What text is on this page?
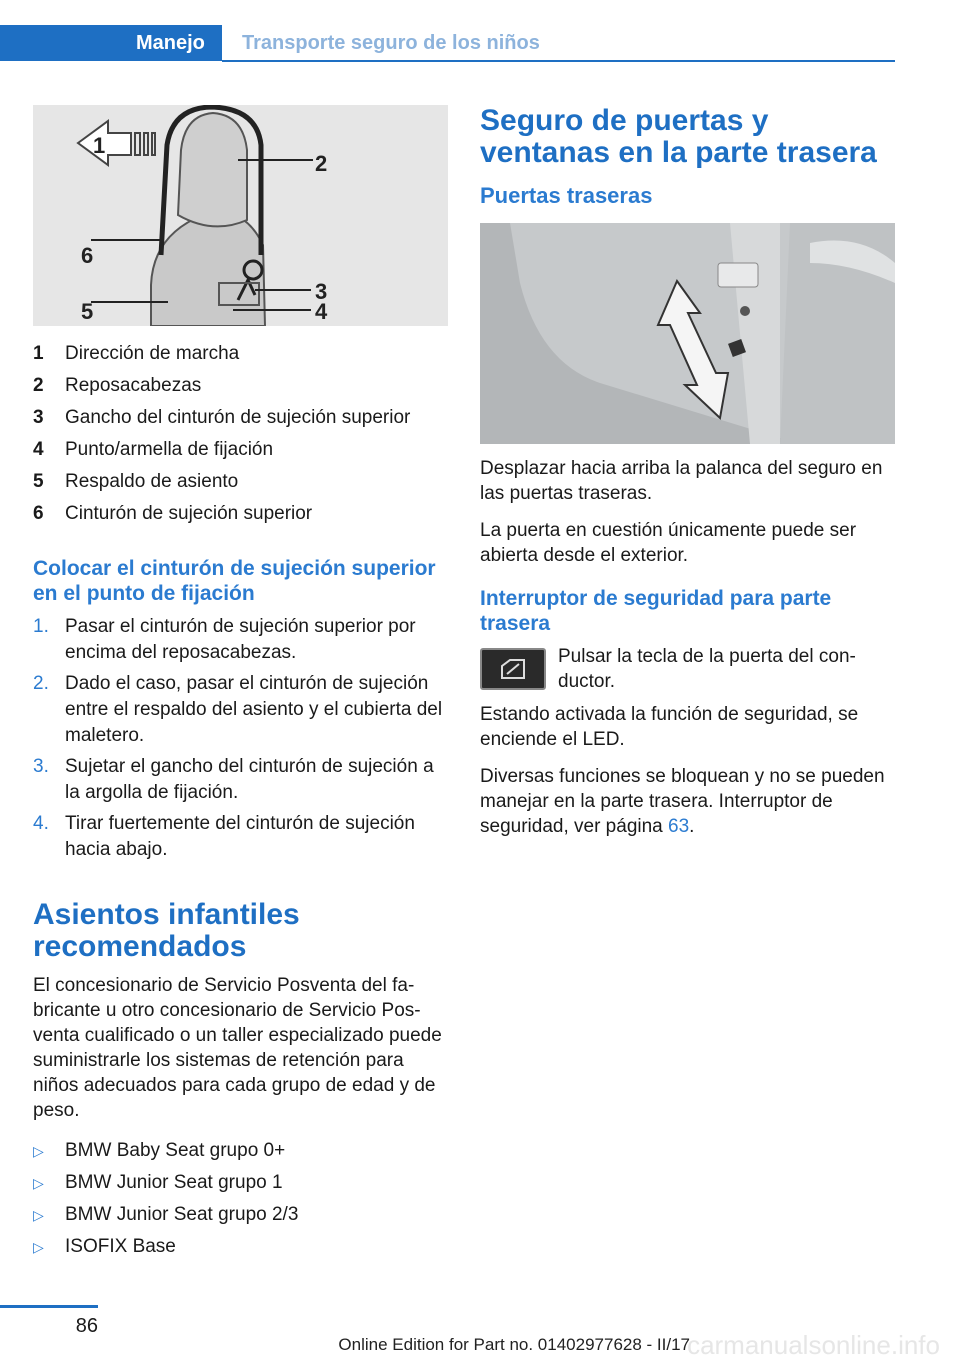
Manejo	Transporte seguro de los niños
1
2
3
4
5
6
1	Dirección de marcha
2	Reposacabezas
3	Gancho del cinturón de sujeción superior
4	Punto/armella de fijación
5	Respaldo de asiento
6	Cinturón de sujeción superior
Colocar el cinturón de sujeción superior en el punto de fijación
1. Pasar el cinturón de sujeción superior por encima del reposacabezas.
2. Dado el caso, pasar el cinturón de sujeción entre el respaldo del asiento y el cubierta del maletero.
3. Sujetar el gancho del cinturón de sujeción a la argolla de fijación.
4. Tirar fuertemente del cinturón de sujeción hacia abajo.
Asientos infantiles recomendados

El concesionario de Servicio Posventa del fabricante u otro concesionario de Servicio Posventa cualificado o un taller especializado puede suministrarle los sistemas de retención para niños adecuados para cada grupo de edad y de peso.

▷	BMW Baby Seat grupo 0+
▷	BMW Junior Seat grupo 1
▷	BMW Junior Seat grupo 2/3
▷	ISOFIX Base
Seguro de puertas y ventanas en la parte trasera
Puertas traseras

Desplazar hacia arriba la palanca del seguro en las puertas traseras.

La puerta en cuestión únicamente puede ser abierta desde el exterior.

Interruptor de seguridad para parte trasera

Pulsar la tecla de la puerta del conductor.

Estando activada la función de seguridad, se enciende el LED.

Diversas funciones se bloquean y no se pueden manejar en la parte trasera. Interruptor de seguridad, ver página 63.

86
carmanualsonline.info
Online Edition for Part no. 01402977628 - II/17
